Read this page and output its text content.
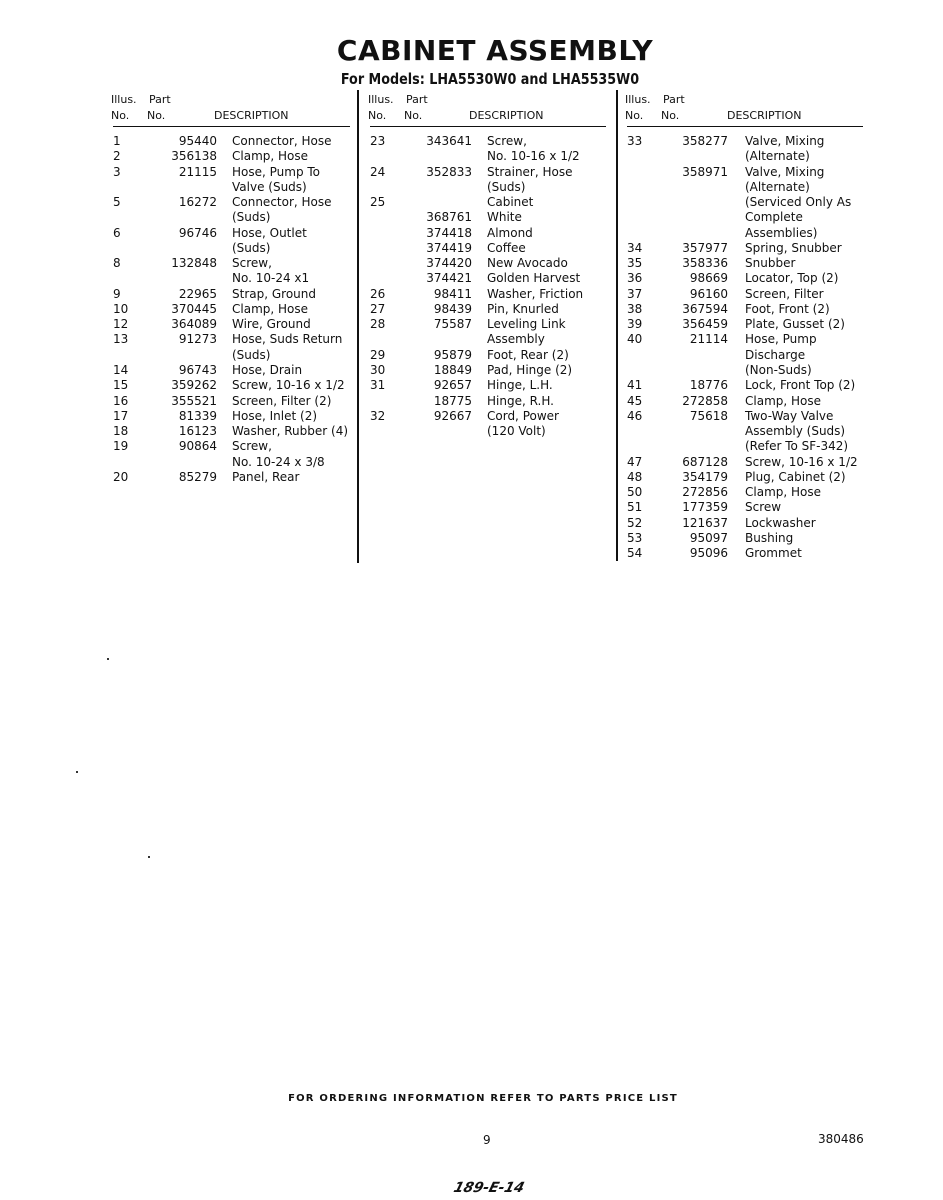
CABINET ASSEMBLY
For Models: LHA5530W0 and LHA5535W0
Illus. Part
No. No.	DESCRIPTION
1	95440 Connector, Hose
2	356138 Clamp, Hose
3	21115 Hose, Pump To
Valve (Suds)
5	16272 Connector, Hose
(Suds)
6	96746 Hose, Outlet
(Suds)
8	132848 Screw,
No. 10-24 x1
9	22965 Strap, Ground
10	370445 Clamp, Hose
12	364089 Wire, Ground
13	91273 Hose, Suds Return
(Suds)
14	96743 Hose, Drain
15	359262 Screw, 10-16 x 1/2
16	355521 Screen, Filter (2)
17	81339 Hose, Inlet (2)
18	16123 Washer, Rubber (4)
19	90864 Screw,
No. 10-24 x 3/8
20	85279 Panel, Rear
Illus. Part
No. No.	DESCRIPTION
23	343641 Screw,
No. 10-16 x 1/2
24	352833 Strainer, Hose
(Suds)
25	Cabinet
368761 White
374418 Almond
374419 Coffee
374420 New Avocado
374421 Golden Harvest
26	98411 Washer, Friction
27	98439 Pin, Knurled
28	75587 Leveling Link
Assembly
29	95879 Foot, Rear (2)
30	18849 Pad, Hinge (2)
31	92657 Hinge, L.H.
18775 Hinge, R.H.
32	92667 Cord, Power
(120 Volt)
Illus. Part
No. No.	DESCRIPTION
33	358277 Valve, Mixing
(Alternate)
358971 Valve, Mixing
(Alternate)
(Serviced Only As
Complete
Assemblies)
34	357977 Spring, Snubber
35	358336 Snubber
36	98669 Locator, Top (2)
37	96160 Screen, Filter
38	367594 Foot, Front (2)
39	356459 Plate, Gusset (2)
40	21114 Hose, Pump
Discharge
(Non-Suds)
41	18776 Lock, Front Top (2)
45	272858 Clamp, Hose
46	75618 Two-Way Valve
Assembly (Suds)
(Refer To SF-342)
47	687128 Screw, 10-16 x 1/2
48	354179 Plug, Cabinet (2)
50	272856 Clamp, Hose
51	177359 Screw
52	121637 Lockwasher
53	95097 Bushing
54	95096 Grommet
FOR ORDERING INFORMATION REFER TO PARTS PRICE LIST
9	380486
189-E-14
